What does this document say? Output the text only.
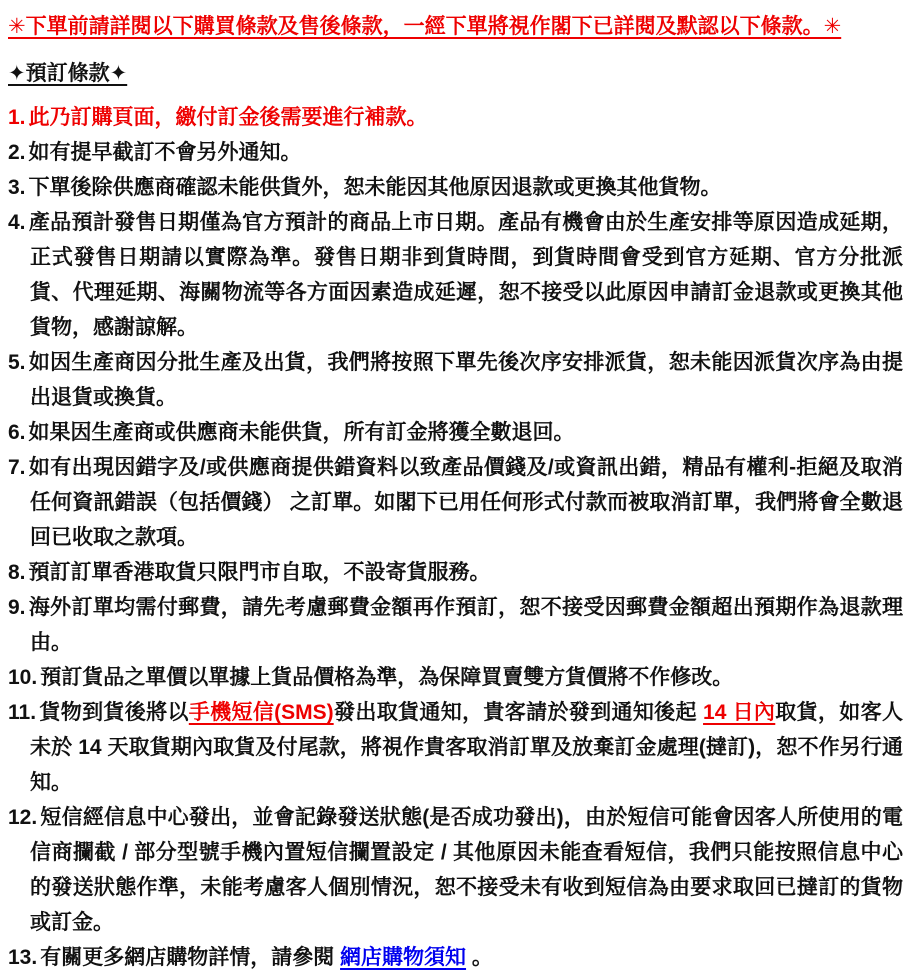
✳下單前請詳閱以下購買條款及售後條款，一經下單將視作閣下已詳閱及默認以下條款。✳

✦預訂條款✦

1. 此乃訂購頁面，繳付訂金後需要進行補款。

2. 如有提早截訂不會另外通知。

3. 下單後除供應商確認未能供貨外，恕未能因其他原因退款或更換其他貨物。

4. 產品預計發售日期僅為官方預計的商品上市日期。產品有機會由於生產安排等原因造成延期，正式發售日期請以實際為準。發售日期非到貨時間，到貨時間會受到官方延期、官方分批派貨、代理延期、海關物流等各方面因素造成延遲，恕不接受以此原因申請訂金退款或更換其他貨物，感謝諒解。

5. 如因生產商因分批生產及出貨，我們將按照下單先後次序安排派貨，恕未能因派貨次序為由提出退貨或換貨。

6. 如果因生產商或供應商未能供貨，所有訂金將獲全數退回。

7. 如有出現因錯字及/或供應商提供錯資料以致產品價錢及/或資訊出錯，精品有權利-拒絕及取消任何資訊錯誤（包括價錢） 之訂單。如閣下已用任何形式付款而被取消訂單，我們將會全數退回已收取之款項。

8. 預訂訂單香港取貨只限門市自取，不設寄貨服務。

9. 海外訂單均需付郵費，請先考慮郵費金額再作預訂，恕不接受因郵費金額超出預期作為退款理由。

10. 預訂貨品之單價以單據上貨品價格為準，為保障買賣雙方貨價將不作修改。

11. 貨物到貨後將以手機短信(SMS)發出取貨通知，貴客請於發到通知後起 14 日內取貨，如客人未於 14 天取貨期內取貨及付尾款，將視作貴客取消訂單及放棄訂金處理(撻訂)，恕不作另行通知。

12. 短信經信息中心發出，並會記錄發送狀態(是否成功發出)，由於短信可能會因客人所使用的電信商攔截 / 部分型號手機內置短信攔置設定 / 其他原因未能查看短信，我們只能按照信息中心的發送狀態作準，未能考慮客人個別情況，恕不接受未有收到短信為由要求取回已撻訂的貨物或訂金。

13. 有關更多網店購物詳情，請參閱 網店購物須知 。
